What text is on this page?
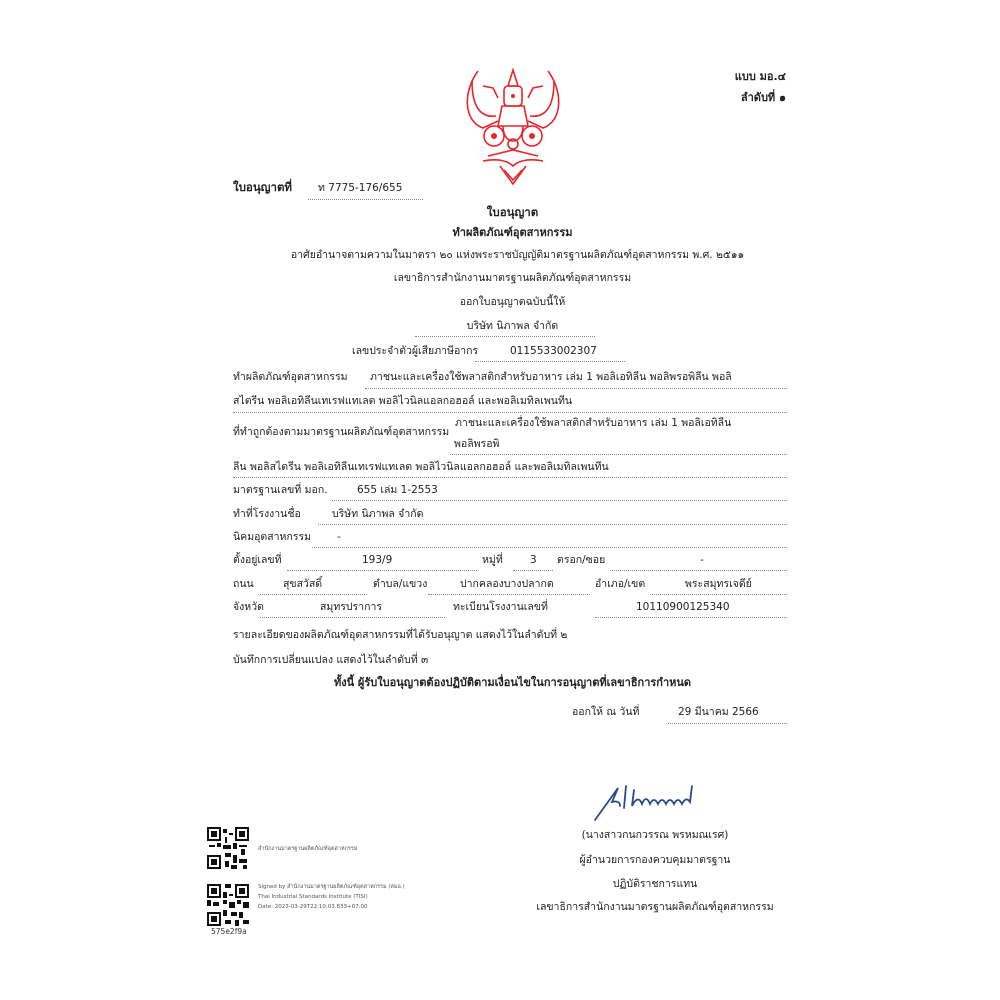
แบบ มอ.๔
ลำดับที่ ๑
ใบอนุญาตที่ ท 7775-176/655
ใบอนุญาต
ทำผลิตภัณฑ์อุตสาหกรรม
อาศัยอำนาจตามความในมาตรา ๒๐ แห่งพระราชบัญญัติมาตรฐานผลิตภัณฑ์อุตสาหกรรม พ.ศ. ๒๕๑๑
เลขาธิการสำนักงานมาตรฐานผลิตภัณฑ์อุตสาหกรรม
ออกใบอนุญาตฉบับนี้ให้
บริษัท นิภาพล จำกัด
เลขประจำตัวผู้เสียภาษีอากร	0115533002307
ทำผลิตภัณฑ์อุตสาหกรรม ภาชนะและเครื่องใช้พลาสติกสำหรับอาหาร เล่ม 1 พอลิเอทิลีน พอลิพรอพิลีน พอลิ
สไตรีน พอลิเอทิลีนเทเรฟแทเลต พอลิไวนิลแอลกอฮอล์ และพอลิเมทิลเพนทีน
ที่ทำถูกต้องตามมาตรฐานผลิตภัณฑ์อุตสาหกรรม
ภาชนะและเครื่องใช้พลาสติกสำหรับอาหาร เล่ม 1 พอลิเอทิลีน
พอลิพรอพิ
ลีน พอลิสไตรีน พอลิเอทิลีนเทเรฟแทเลต พอลิไวนิลแอลกอฮอล์ และพอลิเมทิลเพนทีน
มาตรฐานเลขที่ มอก.	655 เล่ม 1-2553
ทำที่โรงงานชื่อ	บริษัท นิภาพล จำกัด
นิคมอุตสาหกรรม -
ตั้งอยู่เลขที่	193/9	หมู่ที่	3 ตรอก/ซอย	-
ถนน	สุขสวัสดิ์	ตำบล/แขวง	ปากคลองบางปลากด	อำเภอ/เขต	พระสมุทรเจดีย์
จังหวัด	สมุทรปราการ	ทะเบียนโรงงานเลขที่	10110900125340
รายละเอียดของผลิตภัณฑ์อุตสาหกรรมที่ได้รับอนุญาต แสดงไว้ในลำดับที่ ๒
บันทึกการเปลี่ยนแปลง แสดงไว้ในลำดับที่ ๓
ทั้งนี้ ผู้รับใบอนุญาตต้องปฏิบัติตามเงื่อนไขในการอนุญาตที่เลขาธิการกำหนด
ออกให้ ณ วันที่	29 มีนาคม 2566
(นางสาวกนกวรรณ พรหมณเรศ)
ผู้อำนวยการกองควบคุมมาตรฐาน
ปฏิบัติราชการแทน
เลขาธิการสำนักงานมาตรฐานผลิตภัณฑ์อุตสาหกรรม
สำนักงานมาตรฐานผลิตภัณฑ์อุตสาหกรรม
Signed by สำนักงานมาตรฐานผลิตภัณฑ์อุตสาหกรรม (สมอ.)
Thai Industrial Standards Institute (TISI)
Date: 2023-03-29T22:10:03.833+07:00
575e2f9a
